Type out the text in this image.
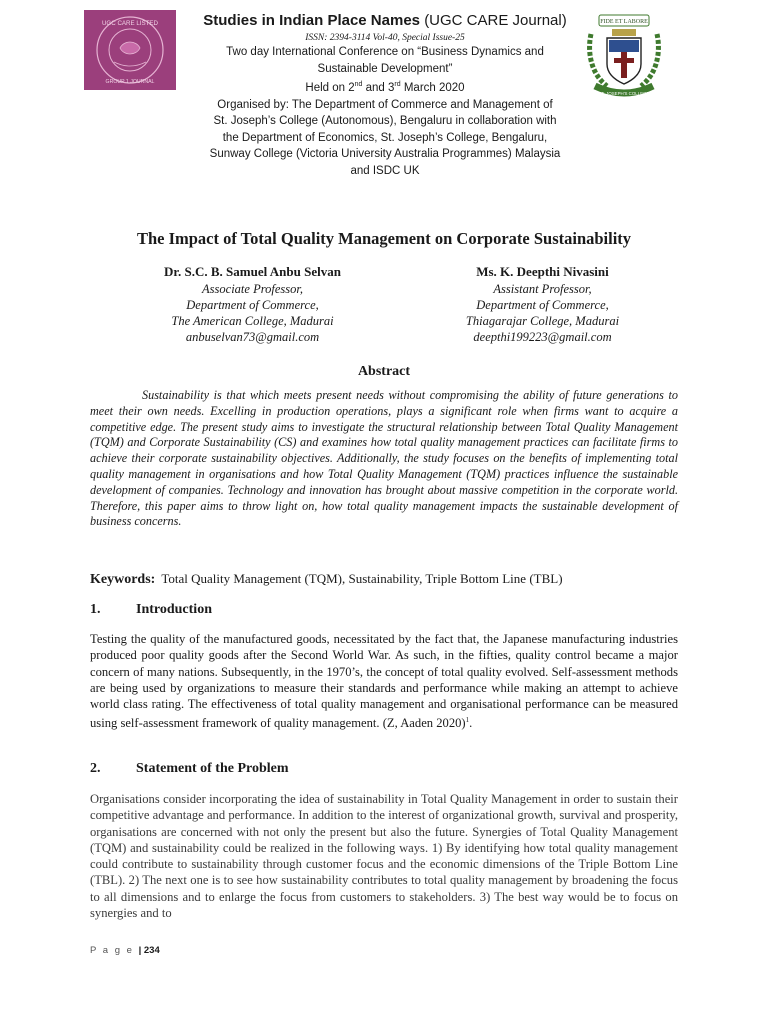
UGC CARE LISTED
GROUP 1 JOURNAL
Studies in Indian Place Names (UGC CARE Journal)
ISSN: 2394-3114 Vol-40, Special Issue-25
Two day International Conference on “Business Dynamics and
Sustainable Development”
Held on 2nd and 3rd March 2020
Organised by: The Department of Commerce and Management of
St. Joseph’s College (Autonomous), Bengaluru in collaboration with
the Department of Economics, St. Joseph’s College, Bengaluru,
Sunway College (Victoria University Australia Programmes) Malaysia
and ISDC UK
FIDE ET LABORE
ST. JOSEPH'S COLLEGE
The Impact of Total Quality Management on Corporate Sustainability
Dr. S.C. B. Samuel Anbu Selvan
Associate Professor,
Department of Commerce,
The American College, Madurai
anbuselvan73@gmail.com
Ms. K. Deepthi Nivasini
Assistant Professor,
Department of Commerce,
Thiagarajar College, Madurai
deepthi199223@gmail.com
Abstract

Sustainability is that which meets present needs without compromising the ability of future generations to meet their own needs. Excelling in production operations, plays a significant role when firms want to acquire a competitive edge. The present study aims to investigate the structural relationship between Total Quality Management (TQM) and Corporate Sustainability (CS) and examines how total quality management practices can facilitate firms to achieve their corporate sustainability objectives. Additionally, the study focuses on the benefits of implementing total quality management in organisations and how Total Quality Management (TQM) practices influence the sustainable development of companies. Technology and innovation has brought about massive competition in the corporate world. Therefore, this paper aims to throw light on, how total quality management impacts the sustainable development of business concerns.

Keywords: Total Quality Management (TQM), Sustainability, Triple Bottom Line (TBL)
1.	Introduction

Testing the quality of the manufactured goods, necessitated by the fact that, the Japanese manufacturing industries produced poor quality goods after the Second World War. As such, in the fifties, quality control became a major concern of many nations. Subsequently, in the 1970’s, the concept of total quality evolved. Self-assessment methods are being used by organizations to measure their standards and performance while making an attempt to achieve world class rating. The effectiveness of total quality management and organisational performance can be measured using self-assessment framework of quality management. (Z, Aaden 2020)$^1$.

2.	Statement of the Problem

Organisations consider incorporating the idea of sustainability in Total Quality Management in order to sustain their competitive advantage and performance. In addition to the interest of organizational growth, survival and prosperity, organisations are concerned with not only the present but also the future. Synergies of Total Quality Management (TQM) and sustainability could be realized in the following ways. 1) By identifying how total quality management could contribute to sustainability through customer focus and the economic dimensions of the Triple Bottom Line (TBL). 2) The next one is to see how sustainability contributes to total quality management by broadening the focus to all dimensions and to enlarge the focus from customers to stakeholders. 3) The best way would be to focus on synergies and to

P a g e | 234
